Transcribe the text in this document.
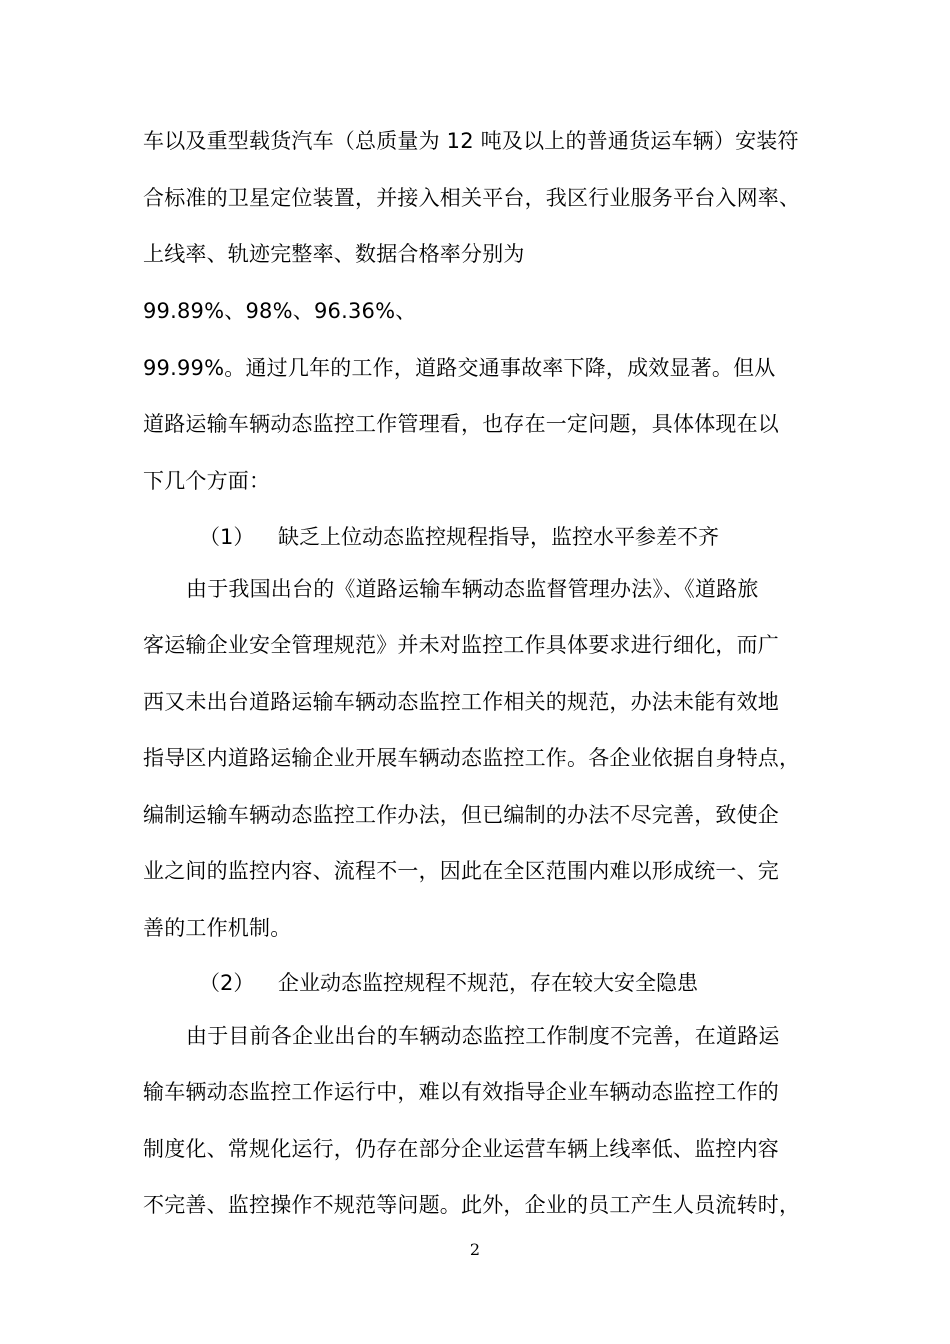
车以及重型载货汽车（总质量为 12 吨及以上的普通货运车辆）安装符
合标准的卫星定位装置，并接入相关平台，我区行业服务平台入网率、
上线率、轨迹完整率、数据合格率分别为
99.89%、98%、96.36%、
99.99%。通过几年的工作，道路交通事故率下降，成效显著。但从
道路运输车辆动态监控工作管理看，也存在一定问题，具体体现在以
下几个方面：
（1） 缺乏上位动态监控规程指导，监控水平参差不齐
由于我国出台的《道路运输车辆动态监督管理办法》、《道路旅
客运输企业安全管理规范》并未对监控工作具体要求进行细化，而广
西又未出台道路运输车辆动态监控工作相关的规范，办法未能有效地
指导区内道路运输企业开展车辆动态监控工作。各企业依据自身特点，
编制运输车辆动态监控工作办法，但已编制的办法不尽完善，致使企
业之间的监控内容、流程不一，因此在全区范围内难以形成统一、完
善的工作机制。
（2） 企业动态监控规程不规范，存在较大安全隐患
由于目前各企业出台的车辆动态监控工作制度不完善，在道路运
输车辆动态监控工作运行中，难以有效指导企业车辆动态监控工作的
制度化、常规化运行，仍存在部分企业运营车辆上线率低、监控内容
不完善、监控操作不规范等问题。此外，企业的员工产生人员流转时，
2
